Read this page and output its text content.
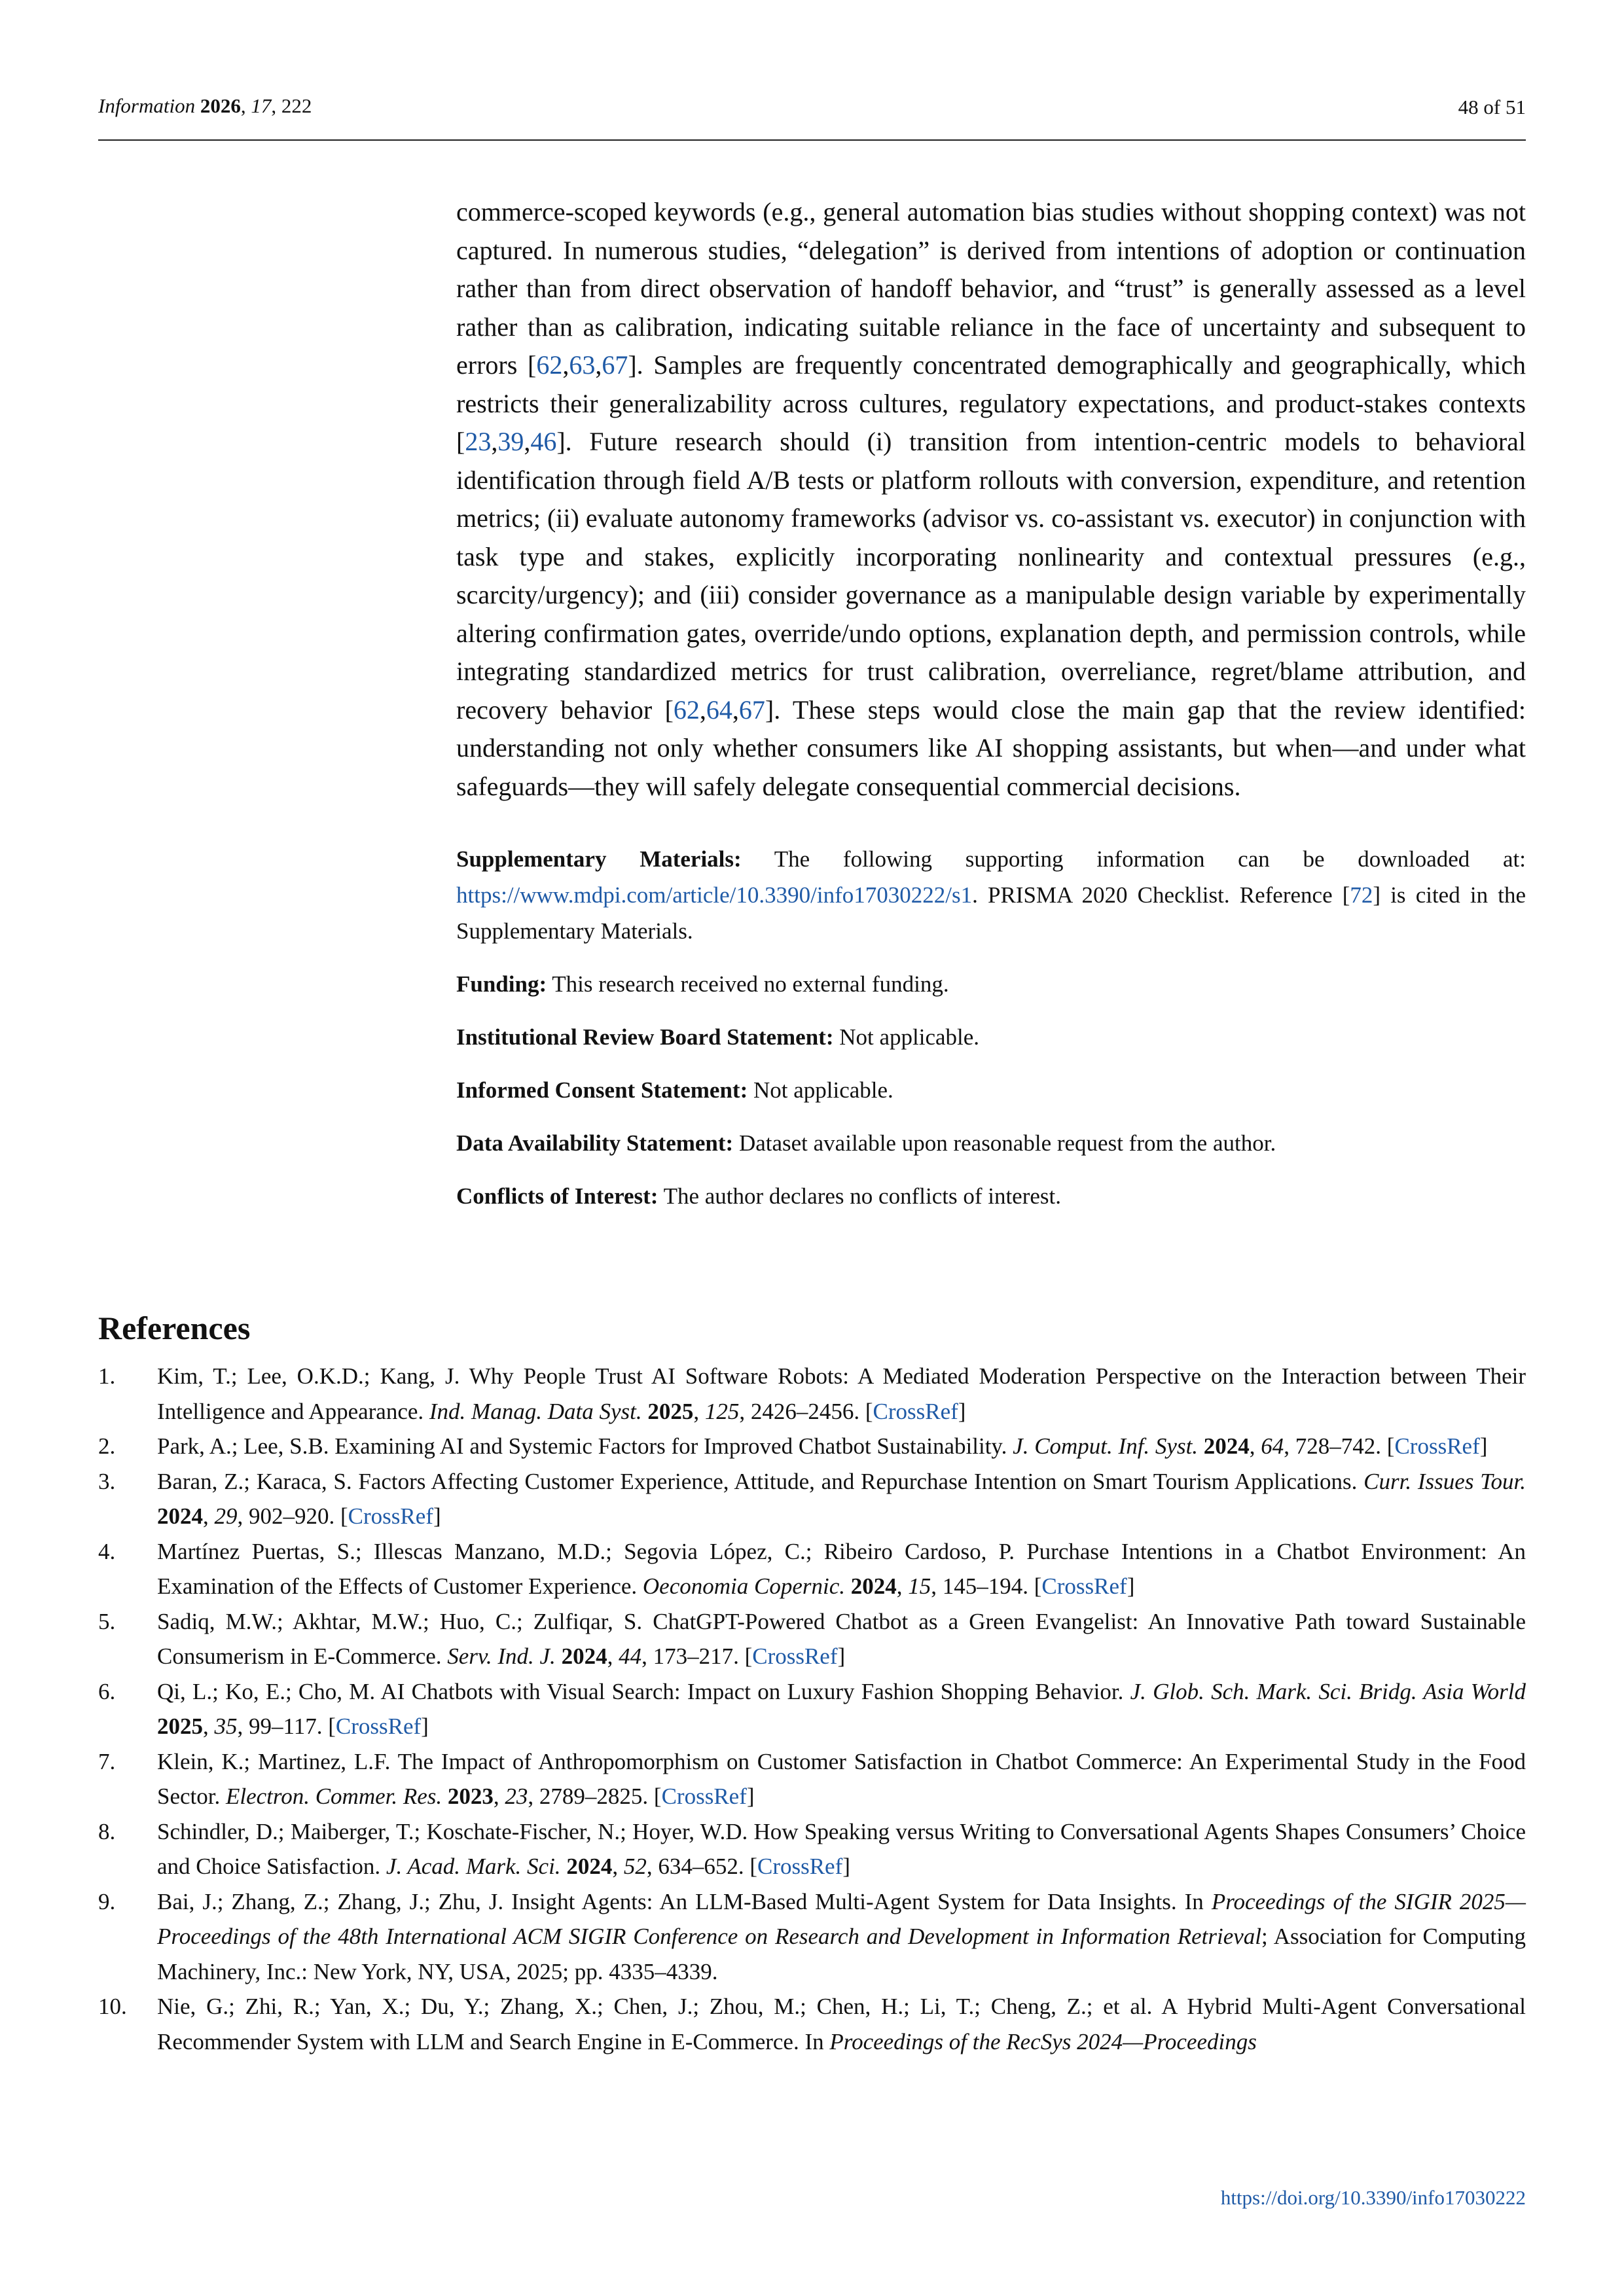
Information 2026, 17, 222	48 of 51

commerce-scoped keywords (e.g., general automation bias studies without shopping context) was not captured. In numerous studies, “delegation” is derived from intentions of adoption or continuation rather than from direct observation of handoff behavior, and “trust” is generally assessed as a level rather than as calibration, indicating suitable reliance in the face of uncertainty and subsequent to errors [62,63,67]. Samples are frequently concentrated demographically and geographically, which restricts their generalizability across cultures, regulatory expectations, and product-stakes contexts [23,39,46]. Future research should (i) transition from intention-centric models to behavioral identification through field A/B tests or platform rollouts with conversion, expenditure, and retention metrics; (ii) evaluate autonomy frameworks (advisor vs. co-assistant vs. executor) in conjunction with task type and stakes, explicitly incorporating nonlinearity and contextual pressures (e.g., scarcity/urgency); and (iii) consider governance as a manipulable design variable by experimentally altering confirmation gates, override/undo options, explanation depth, and permission controls, while integrating standardized metrics for trust calibration, overreliance, regret/blame attribution, and recovery behavior [62,64,67]. These steps would close the main gap that the review identified: understanding not only whether consumers like AI shopping assistants, but when—and under what safeguards—they will safely delegate consequential commercial decisions.

Supplementary Materials: The following supporting information can be downloaded at: https://www.mdpi.com/article/10.3390/info17030222/s1. PRISMA 2020 Checklist. Reference [72] is cited in the Supplementary Materials.

Funding: This research received no external funding.

Institutional Review Board Statement: Not applicable.

Informed Consent Statement: Not applicable.

Data Availability Statement: Dataset available upon reasonable request from the author.

Conflicts of Interest: The author declares no conflicts of interest.

References
1. Kim, T.; Lee, O.K.D.; Kang, J. Why People Trust AI Software Robots: A Mediated Moderation Perspective on the Interaction between Their Intelligence and Appearance. Ind. Manag. Data Syst. 2025, 125, 2426–2456. [CrossRef]
2. Park, A.; Lee, S.B. Examining AI and Systemic Factors for Improved Chatbot Sustainability. J. Comput. Inf. Syst. 2024, 64, 728–742. [CrossRef]
3. Baran, Z.; Karaca, S. Factors Affecting Customer Experience, Attitude, and Repurchase Intention on Smart Tourism Applications. Curr. Issues Tour. 2024, 29, 902–920. [CrossRef]
4. Martínez Puertas, S.; Illescas Manzano, M.D.; Segovia López, C.; Ribeiro Cardoso, P. Purchase Intentions in a Chatbot Environment: An Examination of the Effects of Customer Experience. Oeconomia Copernic. 2024, 15, 145–194. [CrossRef]
5. Sadiq, M.W.; Akhtar, M.W.; Huo, C.; Zulfiqar, S. ChatGPT-Powered Chatbot as a Green Evangelist: An Innovative Path toward Sustainable Consumerism in E-Commerce. Serv. Ind. J. 2024, 44, 173–217. [CrossRef]
6. Qi, L.; Ko, E.; Cho, M. AI Chatbots with Visual Search: Impact on Luxury Fashion Shopping Behavior. J. Glob. Sch. Mark. Sci. Bridg. Asia World 2025, 35, 99–117. [CrossRef]
7. Klein, K.; Martinez, L.F. The Impact of Anthropomorphism on Customer Satisfaction in Chatbot Commerce: An Experimental Study in the Food Sector. Electron. Commer. Res. 2023, 23, 2789–2825. [CrossRef]
8. Schindler, D.; Maiberger, T.; Koschate-Fischer, N.; Hoyer, W.D. How Speaking versus Writing to Conversational Agents Shapes Consumers’ Choice and Choice Satisfaction. J. Acad. Mark. Sci. 2024, 52, 634–652. [CrossRef]
9. Bai, J.; Zhang, Z.; Zhang, J.; Zhu, J. Insight Agents: An LLM-Based Multi-Agent System for Data Insights. In Proceedings of the SIGIR 2025—Proceedings of the 48th International ACM SIGIR Conference on Research and Development in Information Retrieval; Association for Computing Machinery, Inc.: New York, NY, USA, 2025; pp. 4335–4339.
10. Nie, G.; Zhi, R.; Yan, X.; Du, Y.; Zhang, X.; Chen, J.; Zhou, M.; Chen, H.; Li, T.; Cheng, Z.; et al. A Hybrid Multi-Agent Conversational Recommender System with LLM and Search Engine in E-Commerce. In Proceedings of the RecSys 2024—Proceedings
https://doi.org/10.3390/info17030222
